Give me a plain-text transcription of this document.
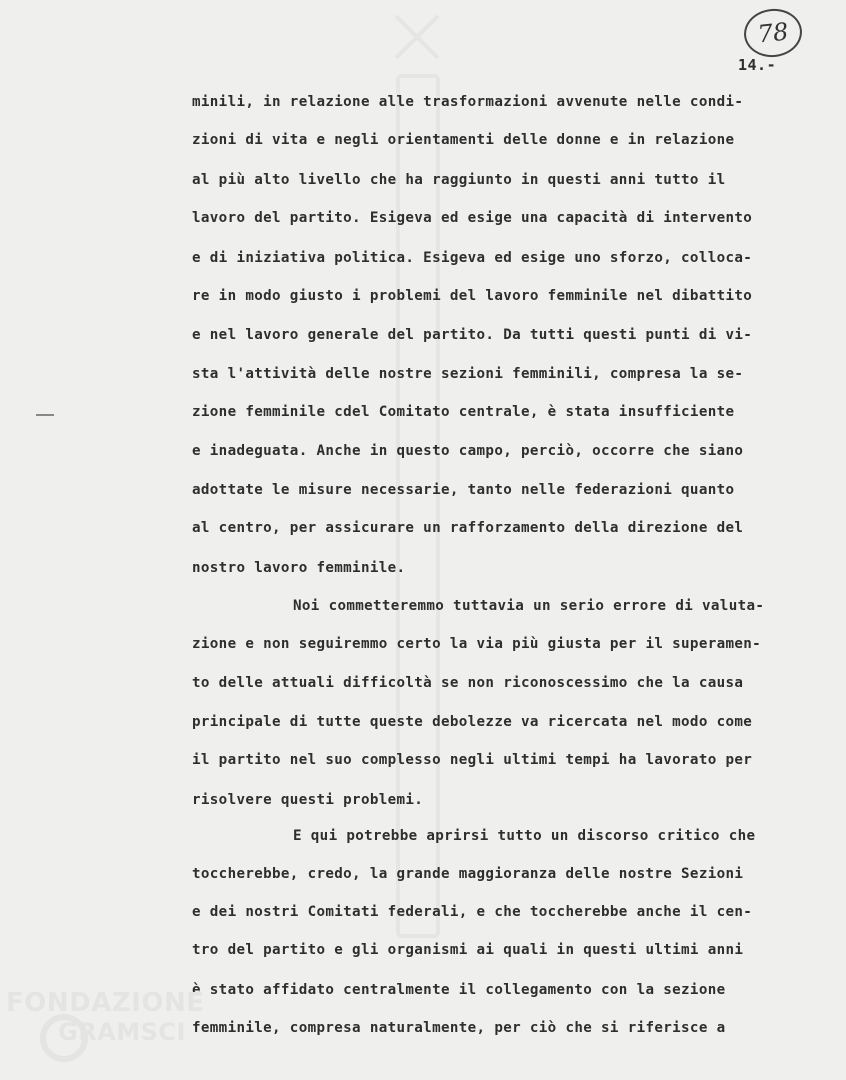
78
14.-
minili, in relazione alle trasformazioni avvenute nelle condi-
zioni di vita e negli orientamenti delle donne e in relazione
al più alto livello che ha raggiunto in questi anni tutto il
lavoro del partito. Esigeva ed esige una capacità di intervento
e di iniziativa politica. Esigeva ed esige uno sforzo, colloca-
re in modo giusto i problemi del lavoro femminile nel dibattito
e nel lavoro generale del partito. Da tutti questi punti di vi-
sta l'attività delle nostre sezioni femminili, compresa la se-
zione femminile cdel Comitato centrale, è stata insufficiente
e inadeguata. Anche in questo campo, perciò, occorre che siano
adottate le misure necessarie, tanto nelle federazioni quanto
al centro, per assicurare un rafforzamento della direzione del
nostro lavoro femminile.
Noi commetteremmo tuttavia un serio errore di valuta-
zione e non seguiremmo certo la via più giusta per il superamen-
to delle attuali difficoltà se non riconoscessimo che la causa
principale di tutte queste debolezze va ricercata nel modo come
il partito nel suo complesso negli ultimi tempi ha lavorato per
risolvere questi problemi.
E qui potrebbe aprirsi tutto un discorso critico che
toccherebbe, credo, la grande maggioranza delle nostre Sezioni
e dei nostri Comitati federali, e che toccherebbe anche il cen-
tro del partito e gli organismi ai quali in questi ultimi anni
è stato affidato centralmente il collegamento con la sezione
femminile, compresa naturalmente, per ciò che si riferisce a
FONDAZIONE
GRAMSCI
